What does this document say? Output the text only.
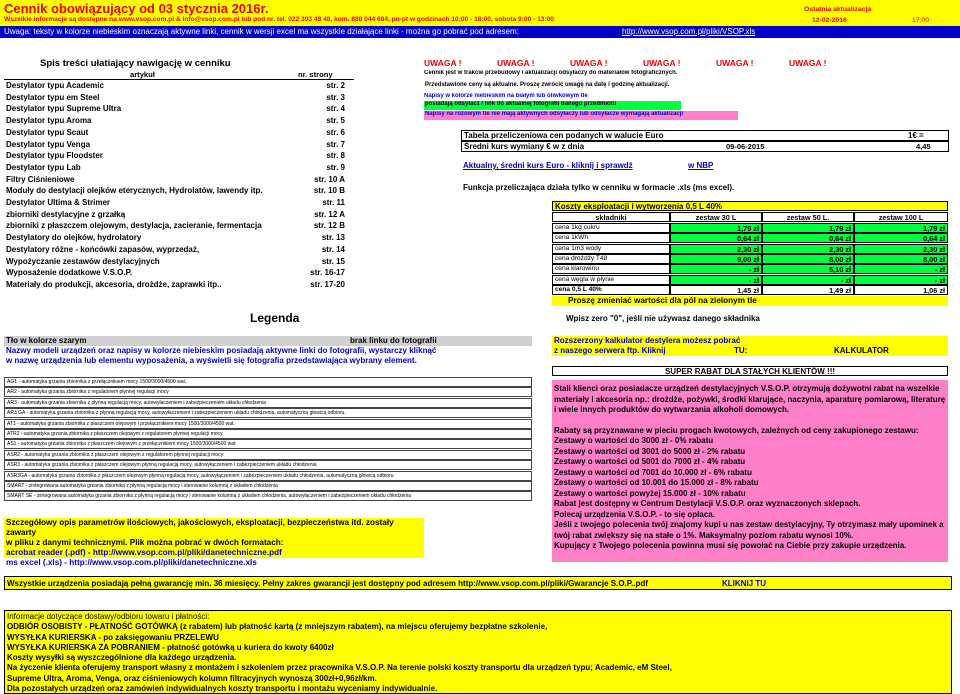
Cennik obowiązujący od 03 stycznia 2016r.
Wszelkie informacje są dostępne na www.vsop.com.pl & info@vsop.com.pl lub pod nr. tel. 022 393 48 48, kom. 888 044 684, pn-pt w godzinach 10:00 - 18:00, sobota 9:00 - 13:00
Ostatnia aktualizacja
12-02-2016	17:00
Uwaga: teksty w kolorze niebieskim oznaczają aktywne linki, cennik w wersji excel ma wszystkie działające linki - można go pobrać pod adresem:	http://www.vsop.com.pl/pliki/VSOP.xls
Spis treści ułatiający nawigację w cenniku
artykuł	nr. strony
Destylator typu Academic	str. 2
Destylator typu em Steel	str. 3
Destylator typu Supreme Ultra	str. 4
Destylator typu Aroma	str. 5
Destylator typu Scaut	str. 6
Destylator typu Venga	str. 7
Destylator typu Floodster	str. 8
Destylator typu Lab	str. 9
Filtry Ciśnieniowe	str. 10 A
Moduły do destylacji olejków eterycznych, Hydrolatów, lawendy itp.	str. 10 B
Destylator Ultima & Strimer	str. 11
zbiorniki destylacyjne z grzałką	str. 12 A
zbiorniki z płaszczem olejowym, destylacja, zacieranie, fermentacja	str. 12 B
Destylatory do olejków, hydrolatory	str. 13
Destylatory różne - końcówki zapasów, wyprzedaż,	str. 14
Wypożyczanie zestawów destylacyjnych	str. 15
Wyposażenie dodatkowe V.S.O.P.	str. 16-17
Materiały do produkcji, akcesoria, drożdże, zaprawki itp..	str. 17-20
UWAGA !	UWAGA !	UWAGA !	UWAGA !	UWAGA !	UWAGA !
Cennik jest w trakcie przebudowy i aktualizacji odsyłaczy do materiałów fotograficznych.
Przedstawione ceny są aktualne. Proszę zwrócić uwagę na datę i godzinę aktualizacji.
Napisy w kolorze niebieskim na białym lub oliwkowym tle
posiadają odsyłacz / link do aktualnej fotografii danego przedmiotu
Napisy na różowym tle nie mają aktywnych odsyłaczy lub odsyłacze wymagają aktualizacji
Tabela przeliczeniowa cen podanych w walucie Euro	1€ =
Średni kurs wymiany € w z dnia	09-06-2015	4,45
Aktualny, średni kurs Euro - kliknij i sprawdź	w NBP
Funkcja przeliczająca działa tylko w cenniku w formacie .xls (ms excel).
Koszty eksploatacji i wytworzenia 0,5 L 40%
składniki	zestaw 30 L	zestaw 50 L.	zestaw 100 L
cena 1kg cukru	1,79 zł	1,79 zł	1,79 zł
cena 1kWh	0,64 zł	0,64 zł	0,64 zł
cena 1m3 wody	2,30 zł	2,30 zł	2,30 zł
cena drożdży T48	9,00 zł	8,00 zł	8,00 zł
cena klarowinu	- zł	5,10 zł	- zł
cena węgla w płynie	- zł	- zł	- zł
cena 0,5 L 40%	1,45 zł	1,49 zł	1,06 zł
Proszę zmieniać wartości dla pól na zielonym tle
Wpisz zero "0", jeśli nie używasz danego składnika
Legenda
Tło w kolorze szarym	brak linku do fotografii
Nazwy modeli urządzeń oraz napisy w kolorze niebieskim posiadają aktywne linki do fotografii, wystarczy kliknąć
w nazwę urządzenia lub elementu wyposażenia, a wyświetli się fotografia przedstawiająca wybrany element.
AG1 - automatyka grzania zbiornika z przełącznikiem mocy 1500/3000/4500 wat,
AR2 - automatyka grzania zbiornika z regulatorem płynnej regulacji mocy
AR3 - automatyka grzania zbiornika z płynną regulacją mocy, autowyłaczeniem i zabezpieczeniem układu chłodzenia
AR3 GA - automatyka grzania zbiornika z płynną regulacją mocy, autowyłaczeniem i zabezpieczeniem układu chłodzenia, automatyczną głowicą odbioru.
AT1 - automatyka grzania zbiornika z płaszczem olejowym i przełącznikiem mocy 1500/3000/4500 wat,
ATR2 - automatyka grzania zbiornika z płaszczem olejowym z regulatorem płynnej regulacji mocy
AS1 - automatyka grzania zbiornika z płaszczem olejowym z przełącznikiem mocy 1500/3000/4500 wat
ASR2 - automatyka grzania zbiornika z płaszczem olejowym z regulatorem płynnej regulacji mocy
ASR3 - automatyka grzania zbiornika z płaszczem olejowym płynną regulacją mocy, autowyłączeniem i zabezpieczeniem układu chłodzenia
ASR3GA - automatyka grzania zbiornika z płaszczem olejowym płynną regulacją mocy, autowyłączeniem i zabezpieczeniem układu chłodzenia, automatyczną głowicą odbioru
SMART - zintegrowana automatyka grzania zbiornika z płynną regulacją mocy i sterowanie kolumną z układem chłodzenia
SMART SE - zintegrowana automatyka grzania zbiornika z płynną regulacją mocy i sterowanie kolumną z układem chłodzenia, autowyłączeniem i zabezpieczeniem układu chłodzenia
Rozszerzony kalkulator destylera możesz pobrać
z naszego serwera ftp. Kliknij	TU:	KALKULATOR
SUPER RABAT DLA STAŁYCH KLIENTÓW !!!
Stali klienci oraz posiadacze urządzeń destylacyjnych V.S.O.P. otrzymują dożywotni rabat na wszelkie materiały i akcesoria np.: drożdże, pożywki, środki klarujące, naczynia, aparaturę pomiarową, literaturę i wiele innych produktów do wytwarzania alkoholi domowych.
Rabaty są przyznawane w pieciu progach kwotowych, zależnych od ceny zakupionego zestawu:
Zestawy o wartości do 3000 zł - 0% rabatu
Zestawy o wartości od 3001 do 5000 zł - 2% rabatu
Zestawy o wartości od 5001 do 7000 zł - 4% rabatu
Zestawy o wartości od 7001 do 10.000 zł - 6% rabatu
Zestawy o wartości od 10.001 do 15.000 zł - 8% rabatu
Zestawy o wartości powyżej 15.000 zł - 10% rabatu
Rabat jest dostępny w Centrum Destylacji V.S.O.P. oraz wyznaczonych sklepach.
Polecaj urządzenia V.S.O.P. - to się opłaca.
Jeśli z twojego polecenia twój znajomy kupi u nas zestaw destylacyjny, Ty otrzymasz mały upominek a twój rabat zwiększy się na stałe o 1%. Maksymalny poziom rabatu wynosi 10%.
Kupujący z Twojego polecenia powinna musi się powołać na Ciebie przy zakupie urządzenia.
Szczegółowy opis parametrów ilościowych, jakościowych, eksploatacji, bezpieczeństwa itd. zostały zawarty
w pliku z danymi technicznymi. Plik można pobrać w dwóch formatach:
acrobat reader (.pdf) - http://www.vsop.com.pl/pliki/danetechniczne.pdf
ms excel (.xls) - http://www.vsop.com.pl/pliki/danetechniczne.xls
Wszystkie urządzenia posiadają pełną gwarancję min. 36 miesięcy. Pełny zakres gwarancji jest dostępny pod adresem http://www.vsop.com.pl/pliki/Gwarancje S.O.P..pdf	KLIKNIJ TU
Informacje dotyczące dostawy/odbioru towaru i płatności:
ODBIÓR OSOBISTY - PŁATNOŚĆ GOTÓWKĄ (z rabatem) lub płatność kartą (z mniejszym rabatem), na miejscu oferujemy bezpłatne szkolenie,
WYSYŁKA KURIERSKA - po zaksięgowaniu PRZELEWU
WYSYŁKA KURIERSKA ZA POBRANIEM - płatność gotówką u kuriera do kwoty 6400zł
Koszty wysyłki są wyszczególnione dla każdego urządzenia.
Na życzenie klienta oferujemy transport własny z montażem i szkoleniem przez pracownika V.S.O.P. Na terenie polski koszty transportu dla urządzeń typu; Academic, eM Steel,
Supreme Ultra, Aroma, Venga, oraz ciśnieniowych kolumn filtracyjnych wynoszą 300zł+0,96zł/km.
Dla pozostałych urządzeń oraz zamówień indywidualnych koszty transportu i montażu wyceniamy indywidualnie.
